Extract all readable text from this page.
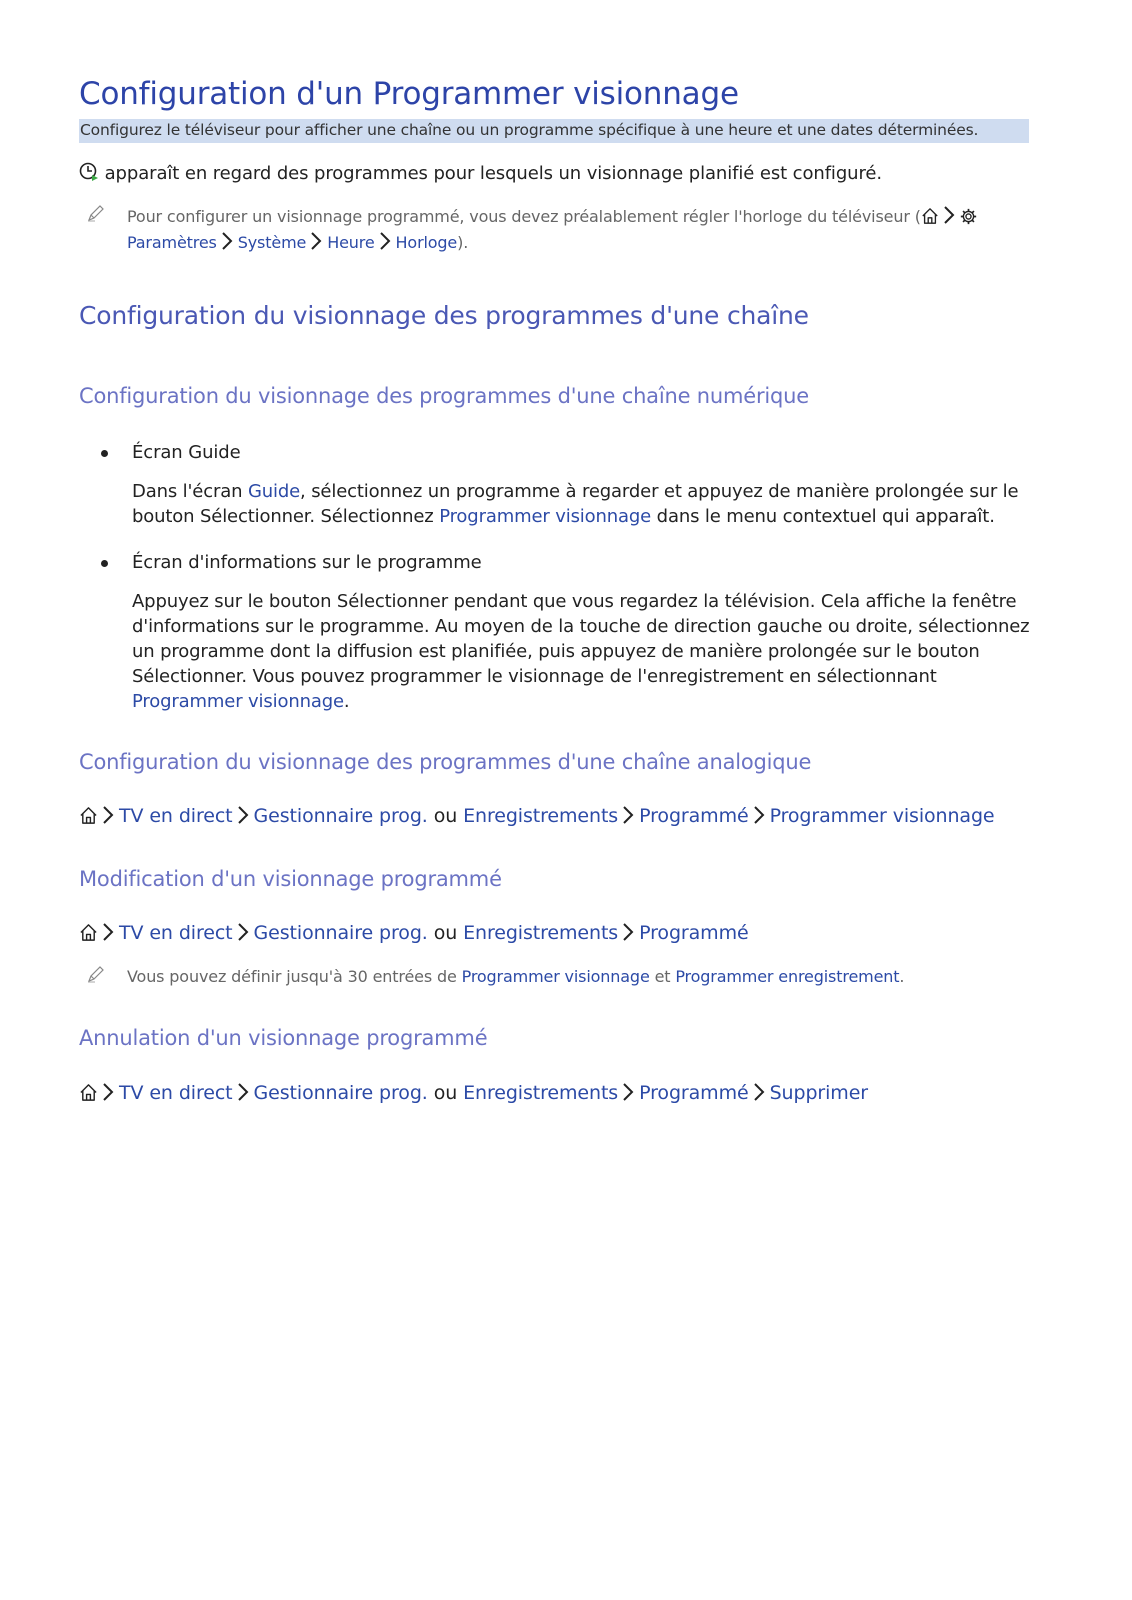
Configuration d'un Programmer visionnage
Configurez le téléviseur pour afficher une chaîne ou un programme spécifique à une heure et une dates déterminées.
apparaît en regard des programmes pour lesquels un visionnage planifié est configuré.
Pour configurer un visionnage programmé, vous devez préalablement régler l'horloge du téléviseur (
Paramètres Système Heure Horloge).
Configuration du visionnage des programmes d'une chaîne
Configuration du visionnage des programmes d'une chaîne numérique
Écran Guide
Dans l'écran Guide, sélectionnez un programme à regarder et appuyez de manière prolongée sur le bouton Sélectionner. Sélectionnez Programmer visionnage dans le menu contextuel qui apparaît.
Écran d'informations sur le programme
Appuyez sur le bouton Sélectionner pendant que vous regardez la télévision. Cela affiche la fenêtre d'informations sur le programme. Au moyen de la touche de direction gauche ou droite, sélectionnez un programme dont la diffusion est planifiée, puis appuyez de manière prolongée sur le bouton Sélectionner. Vous pouvez programmer le visionnage de l'enregistrement en sélectionnant Programmer visionnage.
Configuration du visionnage des programmes d'une chaîne analogique
TV en direct Gestionnaire prog. ou Enregistrements Programmé Programmer visionnage
Modification d'un visionnage programmé
TV en direct Gestionnaire prog. ou Enregistrements Programmé
Vous pouvez définir jusqu'à 30 entrées de Programmer visionnage et Programmer enregistrement.
Annulation d'un visionnage programmé
TV en direct Gestionnaire prog. ou Enregistrements Programmé Supprimer
